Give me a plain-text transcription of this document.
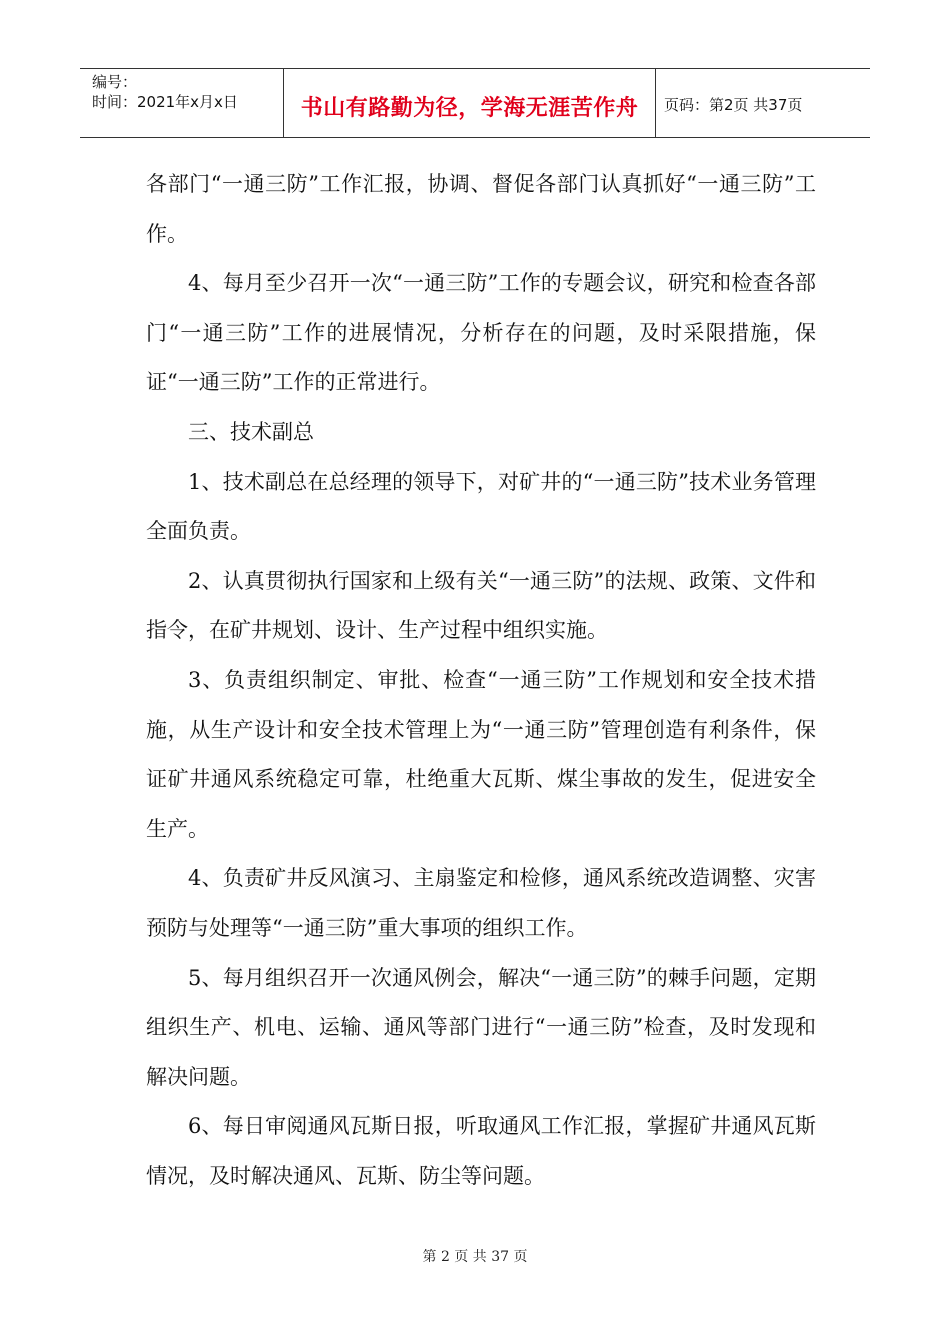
编号：
时间：2021年x月x日	书山有路勤为径，学海无涯苦作舟	页码：第2页 共37页

各部门“一通三防”工作汇报，协调、督促各部门认真抓好“一通三防”工作。

4、每月至少召开一次“一通三防”工作的专题会议，研究和检查各部门“一通三防”工作的进展情况，分析存在的问题，及时采限措施，保证“一通三防”工作的正常进行。

三、技术副总

1、技术副总在总经理的领导下，对矿井的“一通三防”技术业务管理全面负责。

2、认真贯彻执行国家和上级有关“一通三防”的法规、政策、文件和指令，在矿井规划、设计、生产过程中组织实施。

3、负责组织制定、审批、检查“一通三防”工作规划和安全技术措施，从生产设计和安全技术管理上为“一通三防”管理创造有利条件，保证矿井通风系统稳定可靠，杜绝重大瓦斯、煤尘事故的发生，促进安全生产。

4、负责矿井反风演习、主扇鉴定和检修，通风系统改造调整、灾害预防与处理等“一通三防”重大事项的组织工作。

5、每月组织召开一次通风例会，解决“一通三防”的棘手问题，定期组织生产、机电、运输、通风等部门进行“一通三防”检查，及时发现和解决问题。

6、每日审阅通风瓦斯日报，听取通风工作汇报，掌握矿井通风瓦斯情况，及时解决通风、瓦斯、防尘等问题。

第 2 页 共 37 页
